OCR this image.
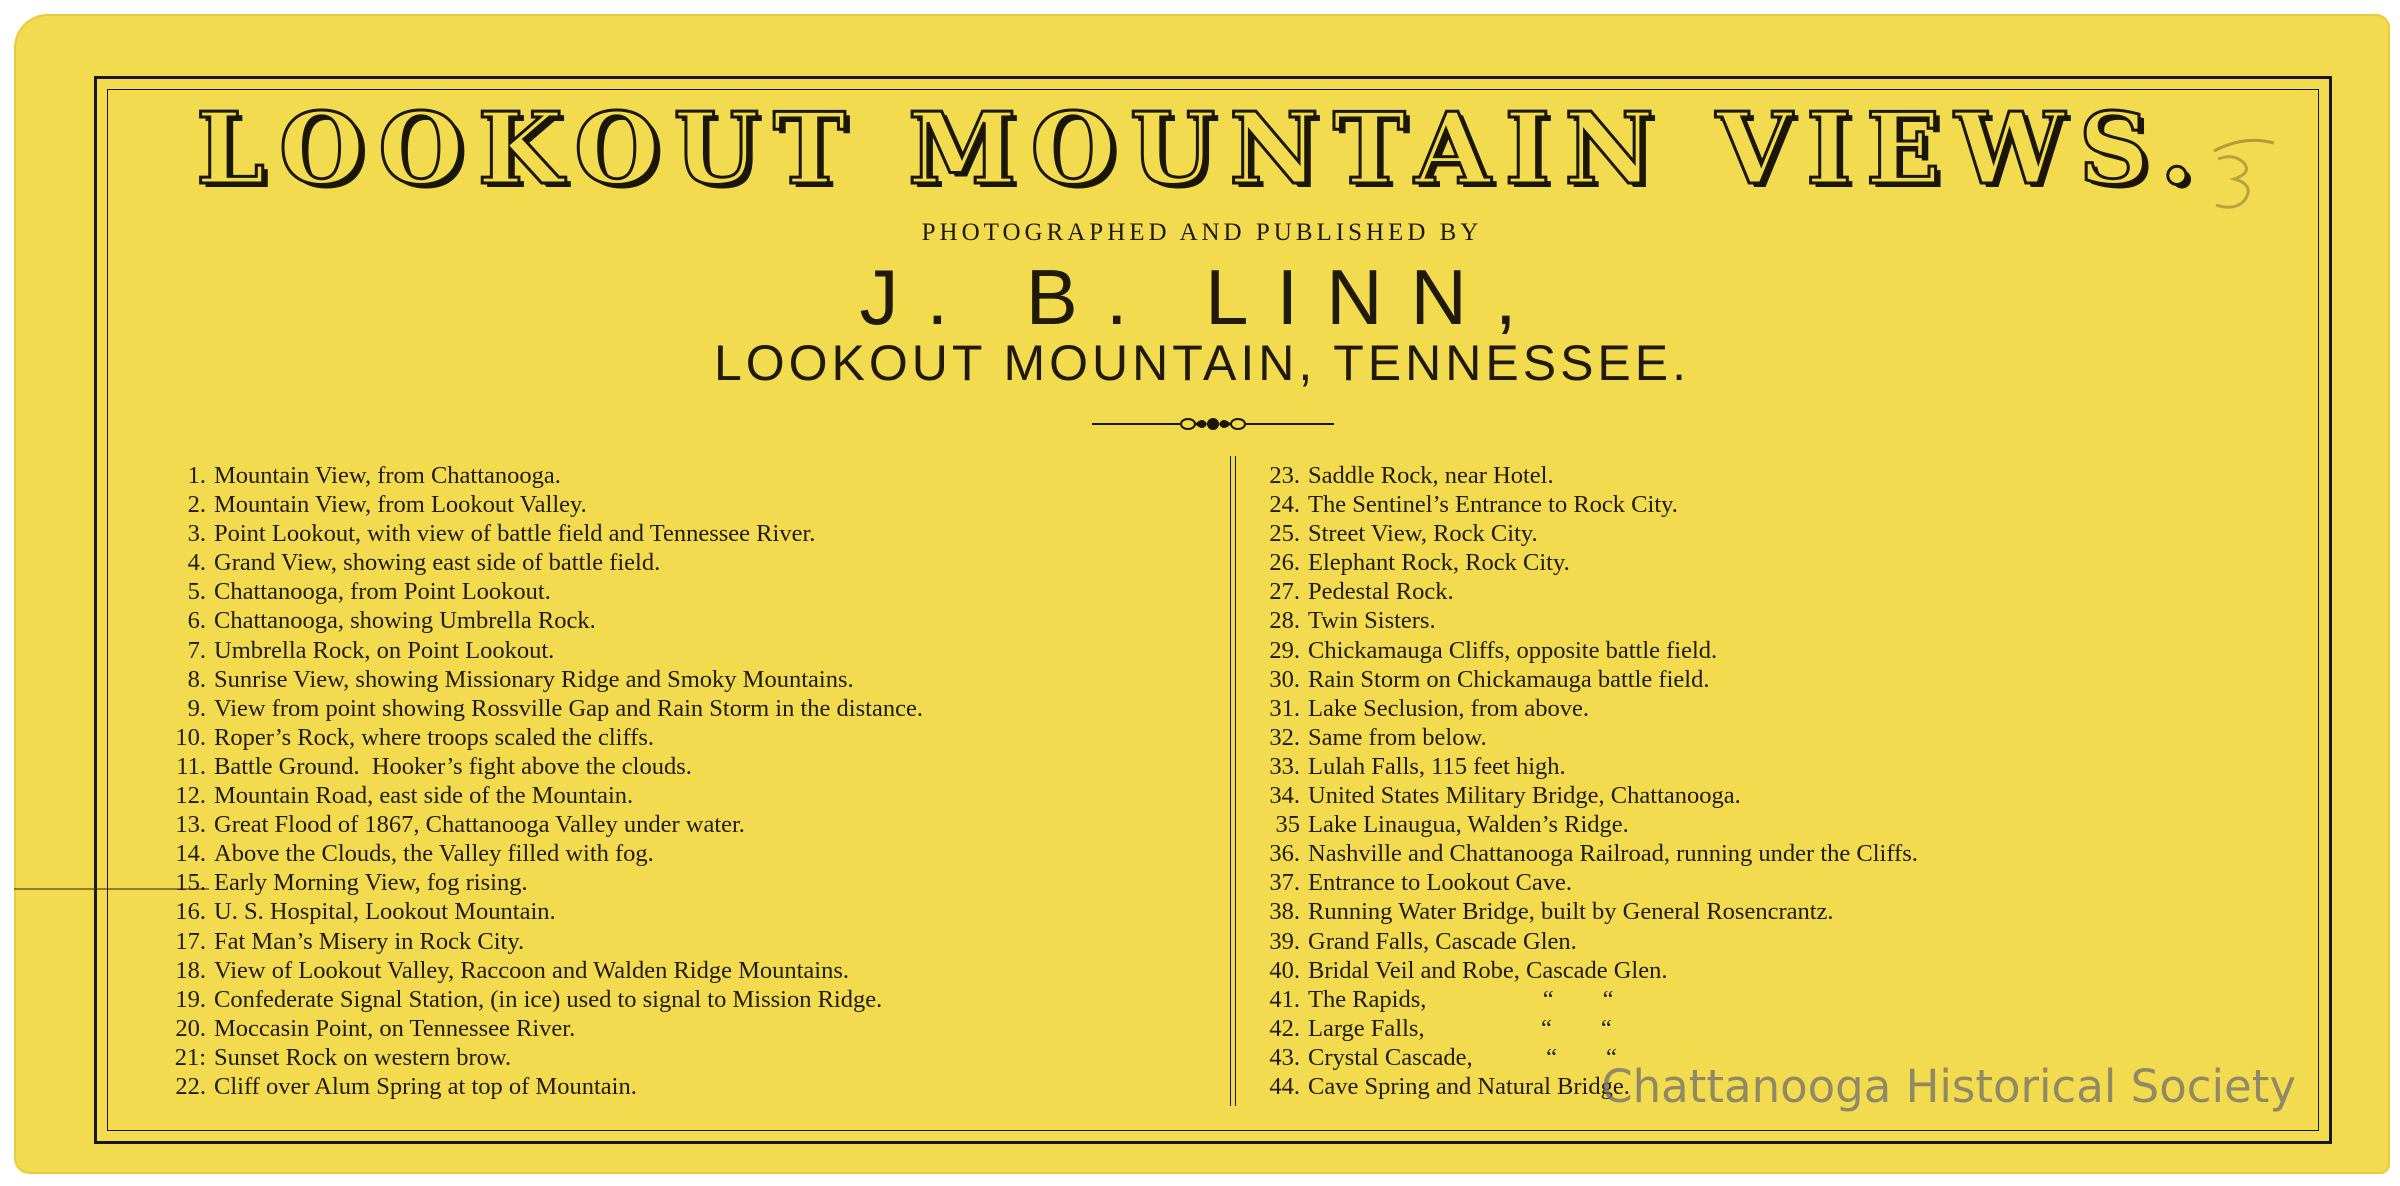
LOOKOUT MOUNTAIN VIEWS.
PHOTOGRAPHED AND PUBLISHED BY
J. B. LINN,
LOOKOUT MOUNTAIN, TENNESSEE.
1. Mountain View, from Chattanooga.
2. Mountain View, from Lookout Valley.
3. Point Lookout, with view of battle field and Tennessee River.
4. Grand View, showing east side of battle field.
5. Chattanooga, from Point Lookout.
6. Chattanooga, showing Umbrella Rock.
7. Umbrella Rock, on Point Lookout.
8. Sunrise View, showing Missionary Ridge and Smoky Mountains.
9. View from point showing Rossville Gap and Rain Storm in the distance.
10. Roper’s Rock, where troops scaled the cliffs.
11. Battle Ground.  Hooker’s fight above the clouds.
12. Mountain Road, east side of the Mountain.
13. Great Flood of 1867, Chattanooga Valley under water.
14. Above the Clouds, the Valley filled with fog.
15. Early Morning View, fog rising.
16. U. S. Hospital, Lookout Mountain.
17. Fat Man’s Misery in Rock City.
18. View of Lookout Valley, Raccoon and Walden Ridge Mountains.
19. Confederate Signal Station, (in ice) used to signal to Mission Ridge.
20. Moccasin Point, on Tennessee River.
21: Sunset Rock on western brow.
22. Cliff over Alum Spring at top of Mountain.
23. Saddle Rock, near Hotel.
24. The Sentinel’s Entrance to Rock City.
25. Street View, Rock City.
26. Elephant Rock, Rock City.
27. Pedestal Rock.
28. Twin Sisters.
29. Chickamauga Cliffs, opposite battle field.
30. Rain Storm on Chickamauga battle field.
31. Lake Seclusion, from above.
32. Same from below.
33. Lulah Falls, 115 feet high.
34. United States Military Bridge, Chattanooga.
35 Lake Linaugua, Walden’s Ridge.
36. Nashville and Chattanooga Railroad, running under the Cliffs.
37. Entrance to Lookout Cave.
38. Running Water Bridge, built by General Rosencrantz.
39. Grand Falls, Cascade Glen.
40. Bridal Veil and Robe, Cascade Glen.
41. The Rapids,                   “        “
42. Large Falls,                   “        “
43. Crystal Cascade,            “        “
44. Cave Spring and Natural Bridge.
Chattanooga Historical Society
